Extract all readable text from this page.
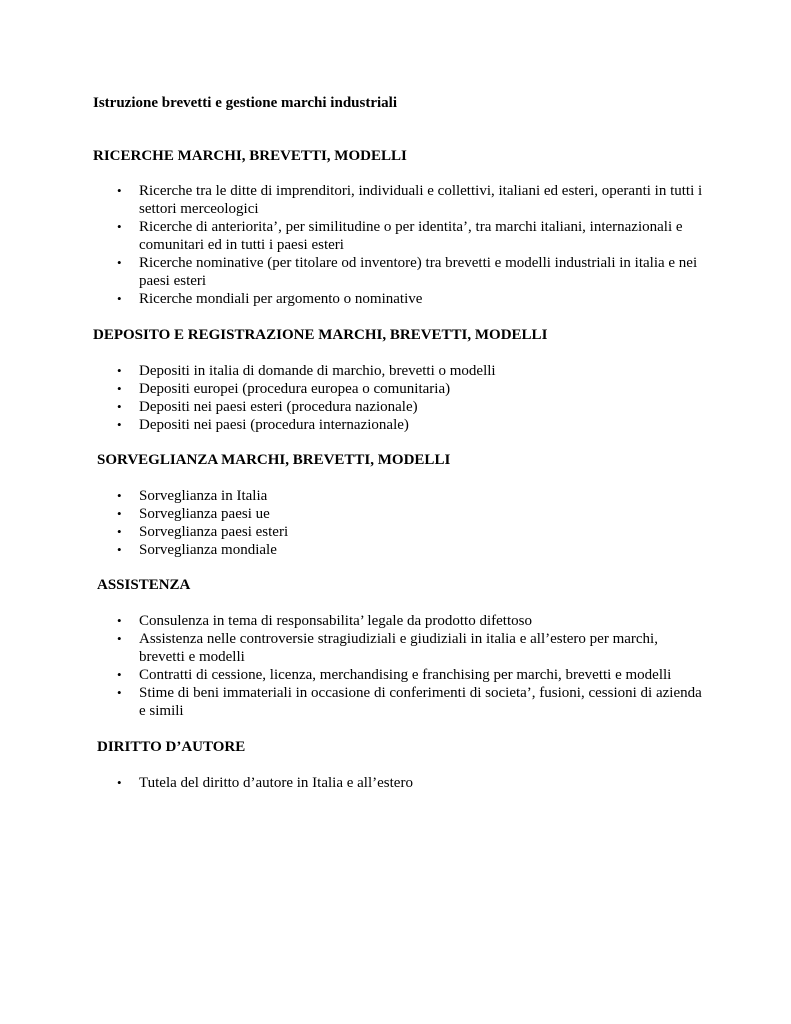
Istruzione brevetti e gestione marchi industriali
RICERCHE MARCHI, BREVETTI, MODELLI
•	Ricerche tra le ditte di imprenditori, individuali e collettivi, italiani ed esteri, operanti in tutti i settori merceologici
•	Ricerche di anteriorita’, per similitudine o per identita’, tra marchi italiani, internazionali e comunitari ed in tutti i paesi esteri
•	Ricerche nominative (per titolare od inventore) tra brevetti e modelli industriali in italia e nei paesi esteri
•	Ricerche mondiali per argomento o nominative
DEPOSITO E REGISTRAZIONE MARCHI, BREVETTI, MODELLI
•	Depositi in italia di domande di marchio, brevetti o modelli
•	Depositi europei (procedura europea o comunitaria)
•	Depositi nei paesi esteri (procedura nazionale)
•	Depositi nei paesi (procedura internazionale)
SORVEGLIANZA MARCHI, BREVETTI, MODELLI
•	Sorveglianza in Italia
•	Sorveglianza paesi ue
•	Sorveglianza paesi esteri
•	Sorveglianza mondiale
ASSISTENZA
•	Consulenza in tema di responsabilita’ legale da prodotto difettoso
•	Assistenza nelle controversie stragiudiziali e giudiziali in italia e all’estero per marchi, brevetti e modelli
•	Contratti di cessione, licenza, merchandising e franchising per marchi, brevetti e modelli
•	Stime di beni immateriali in occasione di conferimenti di societa’, fusioni, cessioni di azienda e simili
DIRITTO D’AUTORE
•	Tutela del diritto d’autore in Italia e all’estero
